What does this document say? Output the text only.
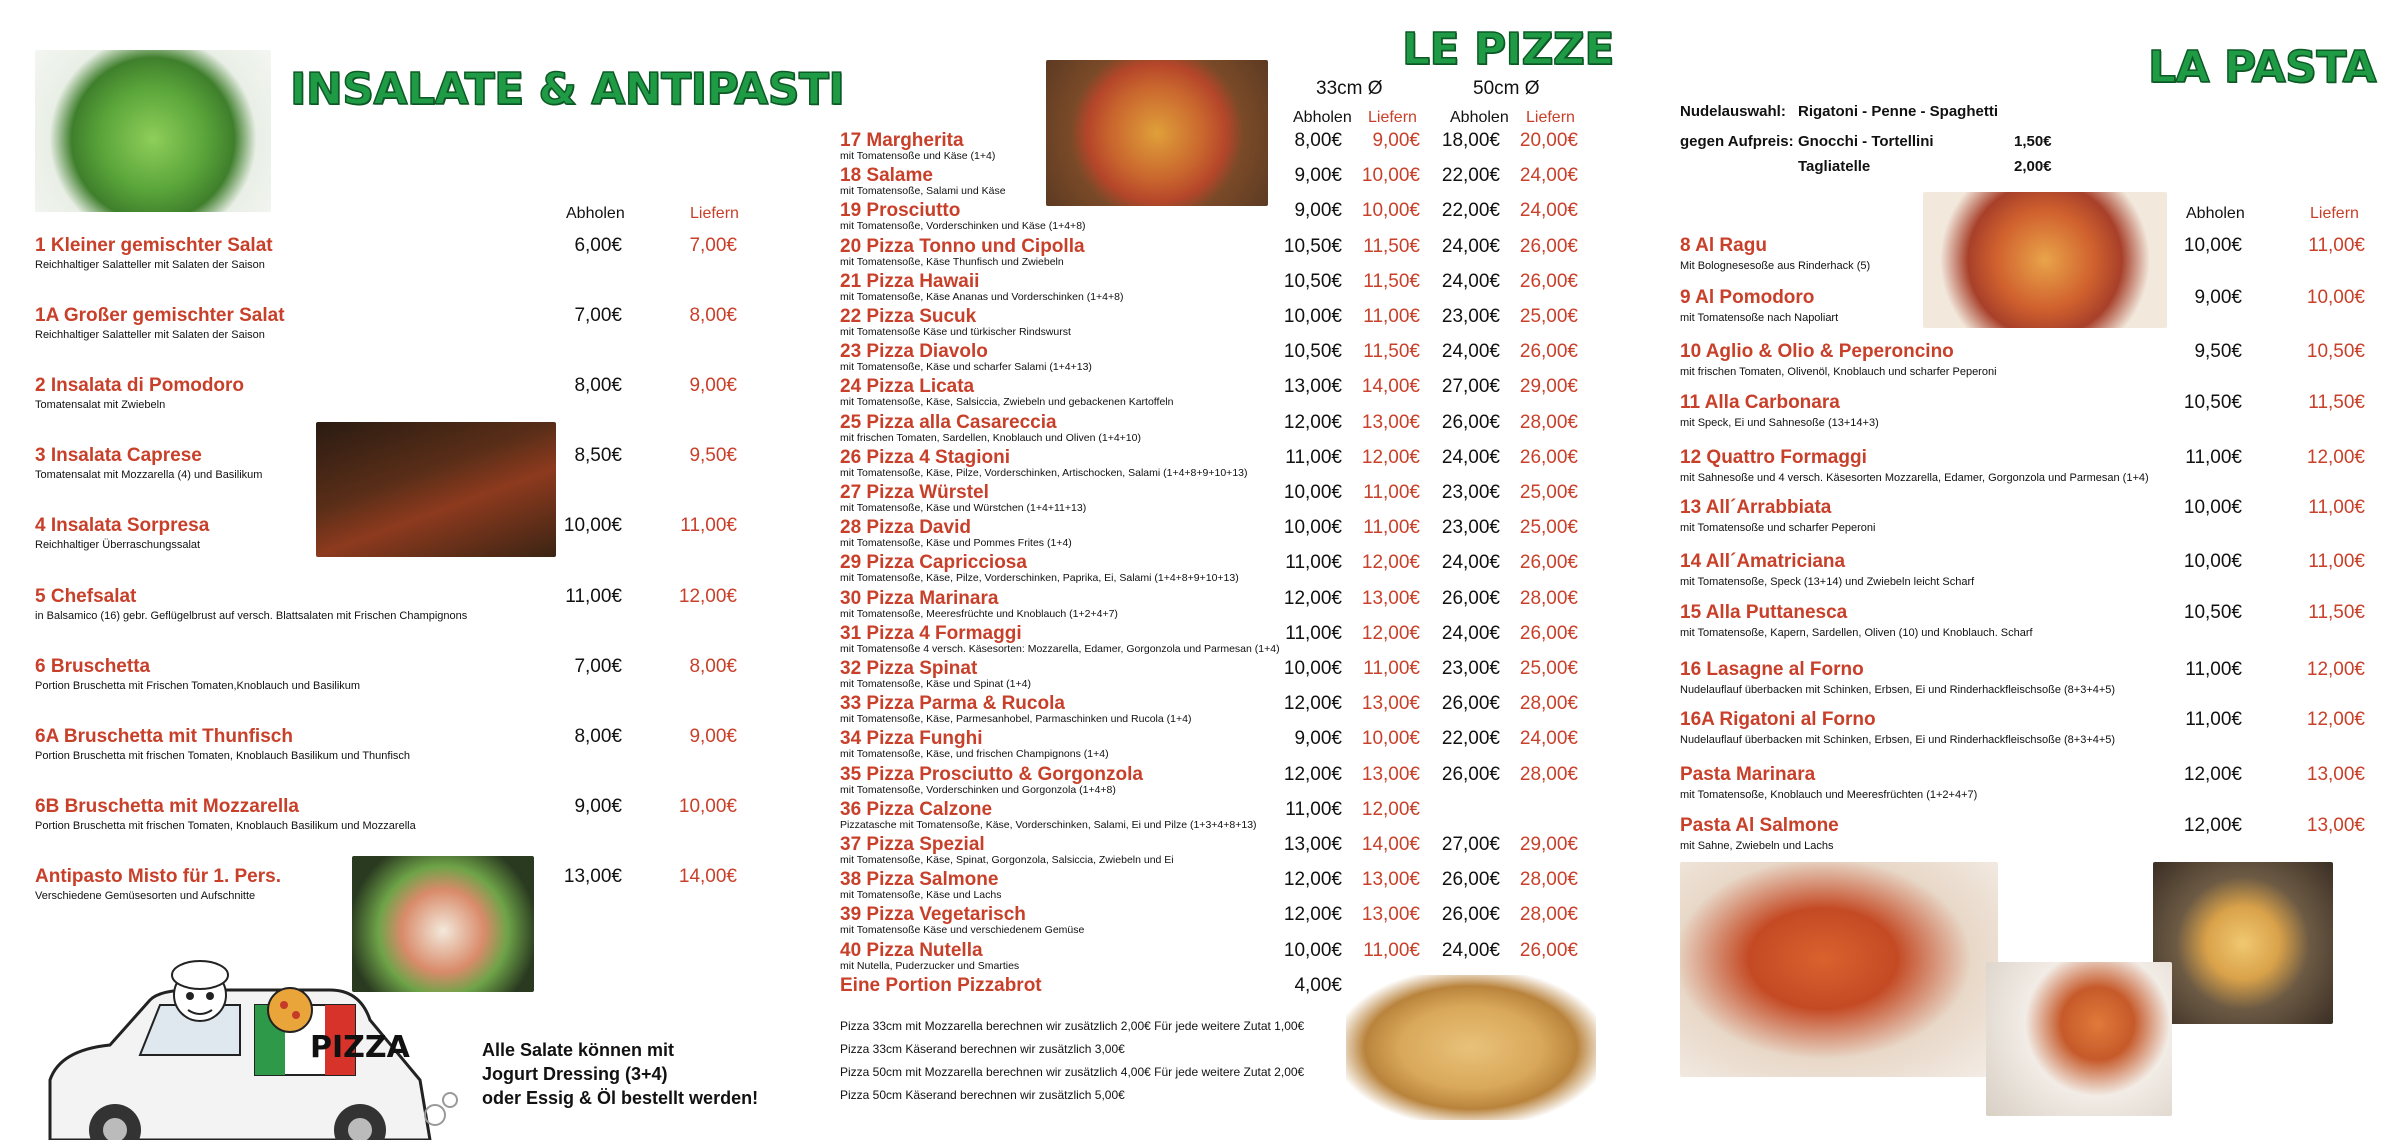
INSALATE & ANTIPASTI
Abholen	Liefern
1 Kleiner gemischter Salat
Reichhaltiger Salatteller mit Salaten der Saison
6,00€	7,00€
1A Großer gemischter Salat
Reichhaltiger Salatteller mit Salaten der Saison
7,00€	8,00€
2 Insalata di Pomodoro
Tomatensalat mit Zwiebeln
8,00€	9,00€
3 Insalata Caprese
Tomatensalat mit Mozzarella (4) und Basilikum
8,50€	9,50€
4 Insalata Sorpresa
Reichhaltiger Überraschungssalat
10,00€	11,00€
5 Chefsalat
in Balsamico (16) gebr. Geflügelbrust auf versch. Blattsalaten mit Frischen Champignons
11,00€	12,00€
6 Bruschetta
Portion Bruschetta mit Frischen Tomaten,Knoblauch und Basilikum
7,00€	8,00€
6A Bruschetta mit Thunfisch
Portion Bruschetta mit frischen Tomaten, Knoblauch Basilikum und Thunfisch
8,00€	9,00€
6B Bruschetta mit Mozzarella
Portion Bruschetta mit frischen Tomaten, Knoblauch Basilikum und Mozzarella
9,00€	10,00€
Antipasto Misto für 1. Pers.
Verschiedene Gemüsesorten und Aufschnitte
13,00€	14,00€
PIZZA	Alle Salate können mit
Jogurt Dressing (3+4)
oder Essig & Öl bestellt werden!
LE PIZZE
33cm Ø	50cm Ø
Abholen Liefern Abholen Liefern
17 Margherita
mit Tomatensoße und Käse (1+4)
8,00€	9,00€	18,00€	20,00€
18 Salame
mit Tomatensoße, Salami und Käse
9,00€	10,00€	22,00€	24,00€
19 Prosciutto
mit Tomatensoße, Vorderschinken und Käse (1+4+8)
9,00€	10,00€	22,00€	24,00€
20 Pizza Tonno und Cipolla
mit Tomatensoße, Käse Thunfisch und Zwiebeln
10,50€	11,50€	24,00€	26,00€
21 Pizza Hawaii
mit Tomatensoße, Käse Ananas und Vorderschinken (1+4+8)
10,50€	11,50€	24,00€	26,00€
22 Pizza Sucuk
mit Tomatensoße Käse und türkischer Rindswurst
10,00€	11,00€	23,00€	25,00€
23 Pizza Diavolo
mit Tomatensoße, Käse und scharfer Salami (1+4+13)
10,50€	11,50€	24,00€	26,00€
24 Pizza Licata
mit Tomatensoße, Käse, Salsiccia, Zwiebeln und gebackenen Kartoffeln
13,00€	14,00€	27,00€	29,00€
25 Pizza alla Casareccia
mit frischen Tomaten, Sardellen, Knoblauch und Oliven (1+4+10)
12,00€	13,00€	26,00€	28,00€
26 Pizza 4 Stagioni
mit Tomatensoße, Käse, Pilze, Vorderschinken, Artischocken, Salami (1+4+8+9+10+13)
11,00€	12,00€	24,00€	26,00€
27 Pizza Würstel
mit Tomatensoße, Käse und Würstchen (1+4+11+13)
10,00€	11,00€	23,00€	25,00€
28 Pizza David
mit Tomatensoße, Käse und Pommes Frites (1+4)
10,00€	11,00€	23,00€	25,00€
29 Pizza Capricciosa
mit Tomatensoße, Käse, Pilze, Vorderschinken, Paprika, Ei, Salami (1+4+8+9+10+13)
11,00€	12,00€	24,00€	26,00€
30 Pizza Marinara
mit Tomatensoße, Meeresfrüchte und Knoblauch (1+2+4+7)
12,00€	13,00€	26,00€	28,00€
31 Pizza 4 Formaggi
mit Tomatensoße 4 versch. Käsesorten: Mozzarella, Edamer, Gorgonzola und Parmesan (1+4)
11,00€	12,00€	24,00€	26,00€
32 Pizza Spinat
mit Tomatensoße, Käse und Spinat (1+4)
10,00€	11,00€	23,00€	25,00€
33 Pizza Parma & Rucola
mit Tomatensoße, Käse, Parmesanhobel, Parmaschinken und Rucola (1+4)
12,00€	13,00€	26,00€	28,00€
34 Pizza Funghi
mit Tomatensoße, Käse, und frischen Champignons (1+4)
9,00€	10,00€	22,00€	24,00€
35 Pizza Prosciutto & Gorgonzola
mit Tomatensoße, Vorderschinken und Gorgonzola (1+4+8)
12,00€	13,00€	26,00€	28,00€
36 Pizza Calzone
Pizzatasche mit Tomatensoße, Käse, Vorderschinken, Salami, Ei und Pilze (1+3+4+8+13)
11,00€	12,00€
37 Pizza Spezial
mit Tomatensoße, Käse, Spinat, Gorgonzola, Salsiccia, Zwiebeln und Ei
13,00€	14,00€	27,00€	29,00€
38 Pizza Salmone
mit Tomatensoße, Käse und Lachs
12,00€	13,00€	26,00€	28,00€
39 Pizza Vegetarisch
mit Tomatensoße Käse und verschiedenem Gemüse
12,00€	13,00€	26,00€	28,00€
40 Pizza Nutella
mit Nutella, Puderzucker und Smarties
10,00€	11,00€	24,00€	26,00€
Eine Portion Pizzabrot	4,00€
Pizza 33cm mit Mozzarella berechnen wir zusätzlich 2,00€ Für jede weitere Zutat 1,00€
Pizza 33cm Käserand berechnen wir zusätzlich 3,00€
Pizza 50cm mit Mozzarella berechnen wir zusätzlich 4,00€ Für jede weitere Zutat 2,00€
Pizza 50cm Käserand berechnen wir zusätzlich 5,00€
LA PASTA
Nudelauswahl: Rigatoni - Penne - Spaghetti
gegen Aufpreis: Gnocchi - Tortellini	1,50€
Tagliatelle	2,00€
Abholen	Liefern
8 Al Ragu
Mit Bolognesesoße aus Rinderhack (5)
10,00€	11,00€
9 Al Pomodoro
mit Tomatensoße nach Napoliart
9,00€	10,00€
10 Aglio & Olio & Peperoncino
mit frischen Tomaten, Olivenöl, Knoblauch und scharfer Peperoni
9,50€	10,50€
11 Alla Carbonara
mit Speck, Ei und Sahnesoße (13+14+3)
10,50€	11,50€
12 Quattro Formaggi
mit Sahnesoße und 4 versch. Käsesorten Mozzarella, Edamer, Gorgonzola und Parmesan (1+4)
11,00€	12,00€
13 All´Arrabbiata
mit Tomatensoße und scharfer Peperoni
10,00€	11,00€
14 All´Amatriciana
mit Tomatensoße, Speck (13+14) und Zwiebeln leicht Scharf
10,00€	11,00€
15 Alla Puttanesca
mit Tomatensoße, Kapern, Sardellen, Oliven (10) und Knoblauch. Scharf
10,50€	11,50€
16 Lasagne al Forno
Nudelauflauf überbacken mit Schinken, Erbsen, Ei und Rinderhackfleischsoße (8+3+4+5)
11,00€	12,00€
16A Rigatoni al Forno
Nudelauflauf überbacken mit Schinken, Erbsen, Ei und Rinderhackfleischsoße (8+3+4+5)
11,00€	12,00€
Pasta Marinara
mit Tomatensoße, Knoblauch und Meeresfrüchten (1+2+4+7)
12,00€	13,00€
Pasta Al Salmone
mit Sahne, Zwiebeln und Lachs
12,00€	13,00€
